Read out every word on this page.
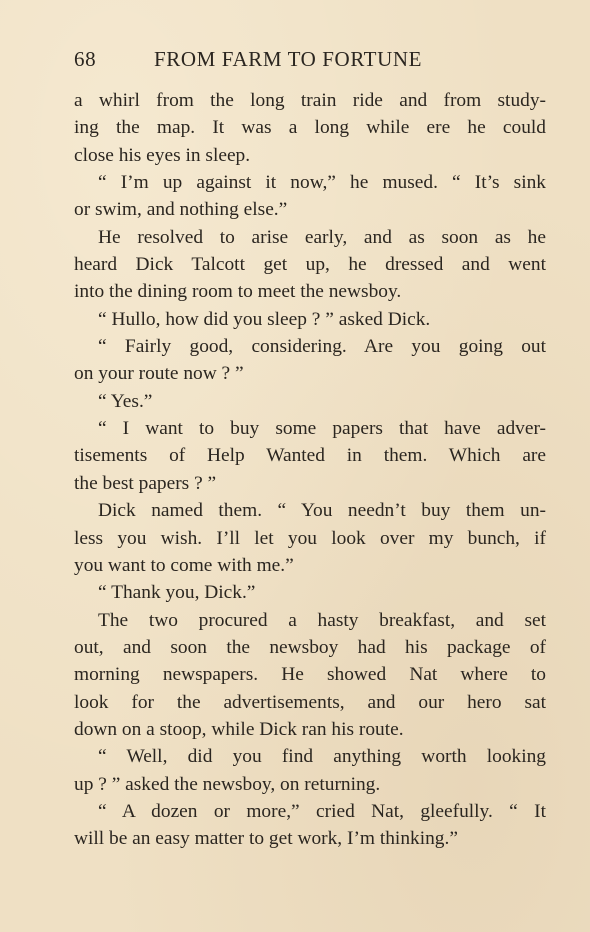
68	FROM FARM TO FORTUNE
a whirl from the long train ride and from study-
ing the map. It was a long while ere he could
close his eyes in sleep.
“ I’m up against it now,” he mused. “ It’s sink
or swim, and nothing else.”
He resolved to arise early, and as soon as he
heard Dick Talcott get up, he dressed and went
into the dining room to meet the newsboy.
“ Hullo, how did you sleep ? ” asked Dick.
“ Fairly good, considering. Are you going out
on your route now ? ”
“ Yes.”
“ I want to buy some papers that have adver-
tisements of Help Wanted in them. Which are
the best papers ? ”
Dick named them. “ You needn’t buy them un-
less you wish. I’ll let you look over my bunch, if
you want to come with me.”
“ Thank you, Dick.”
The two procured a hasty breakfast, and set
out, and soon the newsboy had his package of
morning newspapers. He showed Nat where to
look for the advertisements, and our hero sat
down on a stoop, while Dick ran his route.
“ Well, did you find anything worth looking
up ? ” asked the newsboy, on returning.
“ A dozen or more,” cried Nat, gleefully. “ It
will be an easy matter to get work, I’m thinking.”
